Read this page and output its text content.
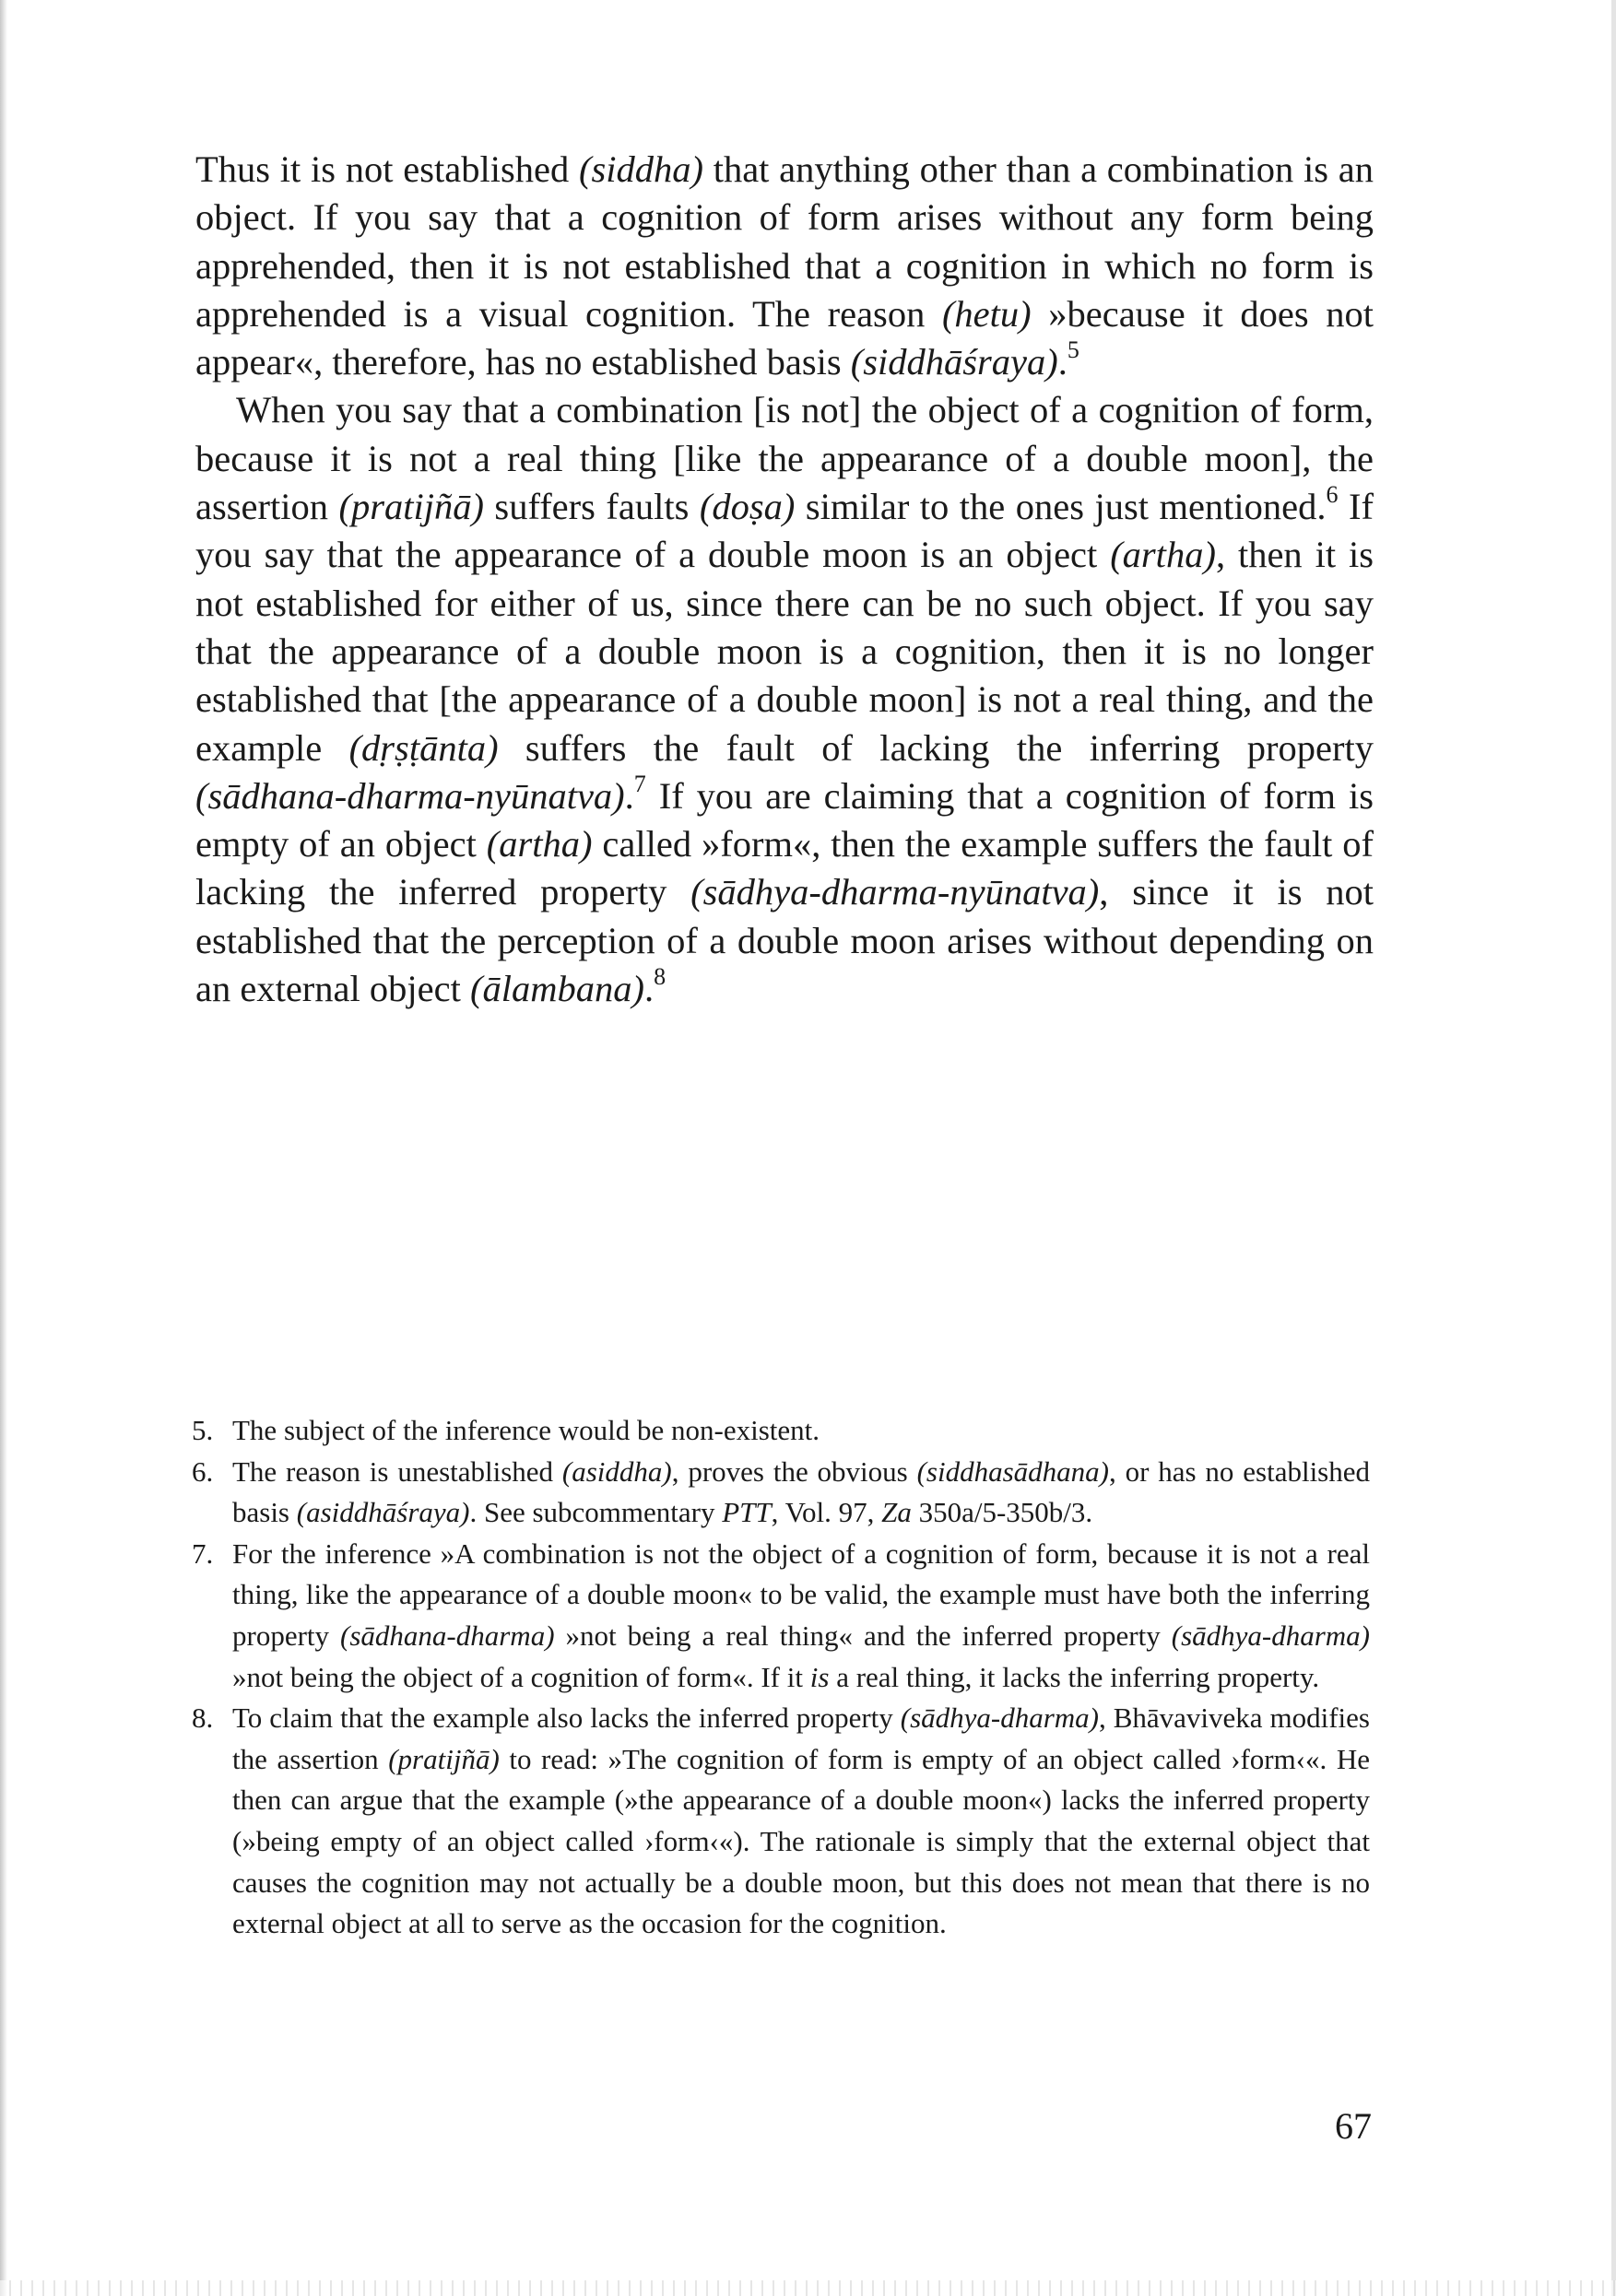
Thus it is not established (siddha) that anything other than a combination is an object. If you say that a cognition of form arises without any form being apprehended, then it is not established that a cognition in which no form is apprehended is a visual cognition. The reason (hetu) »because it does not appear«, therefore, has no established basis (siddhāśraya).$^5$

When you say that a combination [is not] the object of a cognition of form, because it is not a real thing [like the appearance of a double moon], the assertion (pratijñā) suffers faults (doṣa) similar to the ones just mentioned.$^6$ If you say that the appearance of a double moon is an object (artha), then it is not established for either of us, since there can be no such object. If you say that the appearance of a double moon is a cognition, then it is no longer established that [the appearance of a double moon] is not a real thing, and the example (dṛṣṭānta) suffers the fault of lacking the inferring property (sādhana-dharma-nyūnatva).$^7$ If you are claiming that a cognition of form is empty of an object (artha) called »form«, then the example suffers the fault of lacking the inferred property (sādhya-dharma-nyūnatva), since it is not established that the perception of a double moon arises without depending on an external object (ālambana).$^8$

5. The subject of the inference would be non-existent.

6. The reason is unestablished (asiddha), proves the obvious (siddhasādhana), or has no established basis (asiddhāśraya). See subcommentary PTT, Vol. 97, Za 350a/5-350b/3.

7. For the inference »A combination is not the object of a cognition of form, because it is not a real thing, like the appearance of a double moon« to be valid, the example must have both the inferring property (sādhana-dharma) »not being a real thing« and the inferred property (sādhya-dharma) »not being the object of a cognition of form«. If it is a real thing, it lacks the inferring property.

8. To claim that the example also lacks the inferred property (sādhya-dharma), Bhāvaviveka modifies the assertion (pratijñā) to read: »The cognition of form is empty of an object called ›form‹«. He then can argue that the example (»the appearance of a double moon«) lacks the inferred property (»being empty of an object called ›form‹«). The rationale is simply that the external object that causes the cognition may not actually be a double moon, but this does not mean that there is no external object at all to serve as the occasion for the cognition.

67
